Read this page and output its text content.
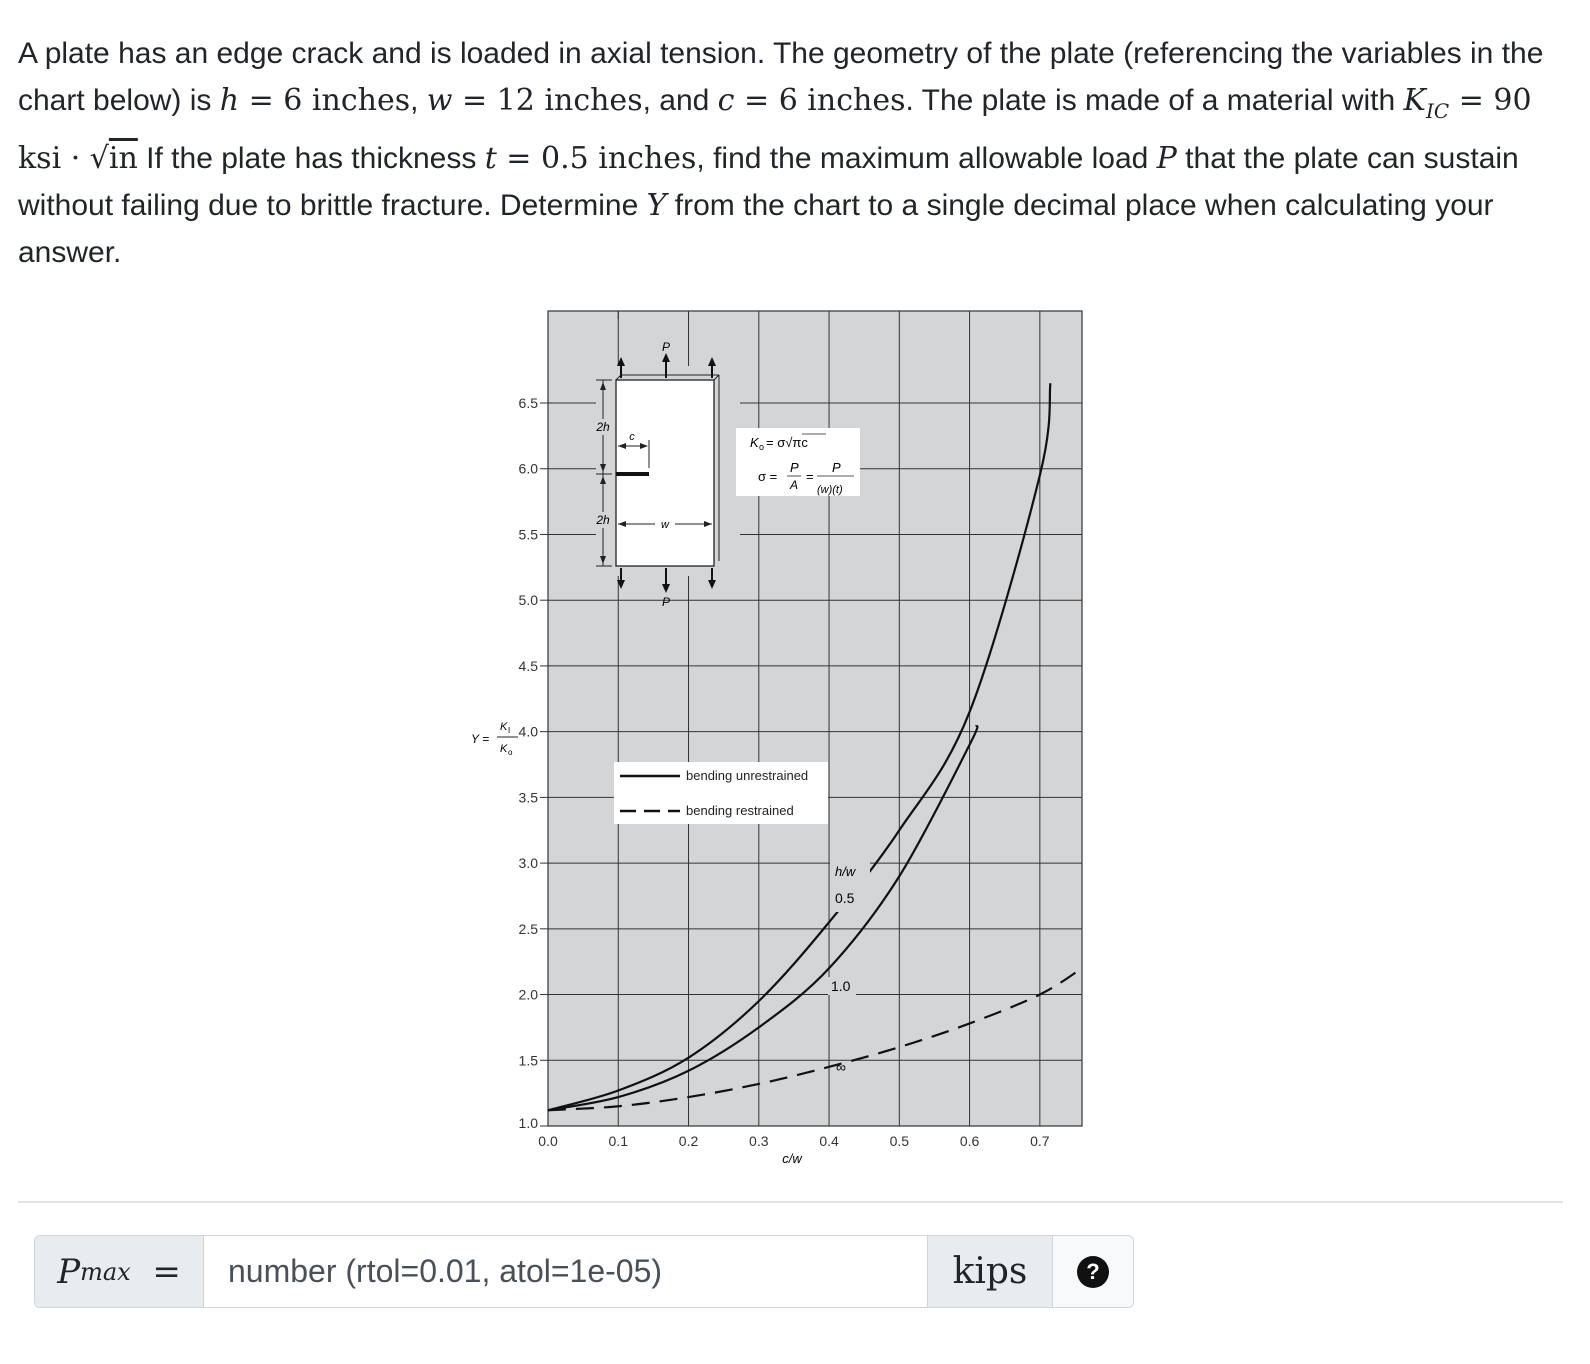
A plate has an edge crack and is loaded in axial tension. The geometry of the plate (referencing the variables in the chart below) is h = 6 inches, w = 12 inches, and c = 6 inches. The plate is made of a material with $K_{IC} = 90$ ksi · √in If the plate has thickness t = 0.5 inches, find the maximum allowable load P that the plate can sustain without failing due to brittle fracture. Determine Y from the chart to a single decimal place when calculating your answer.

0.0	0.1	0.2	0.3	0.4	0.5	0.6	0.7
1.0
1.5
2.0
2.5
3.0
3.5
4.0
4.5
5.0
5.5
6.0
6.5
Y =
K I
K o
c/w
P
P
2h
2h
c
w
K o = σ√πc
σ =
P
A
=
P
(w)(t)
bending unrestrained
bending restrained
h/w
0.5
1.0
∞
P max
=
number (rtol=0.01, atol=1e-05)	kips	?
